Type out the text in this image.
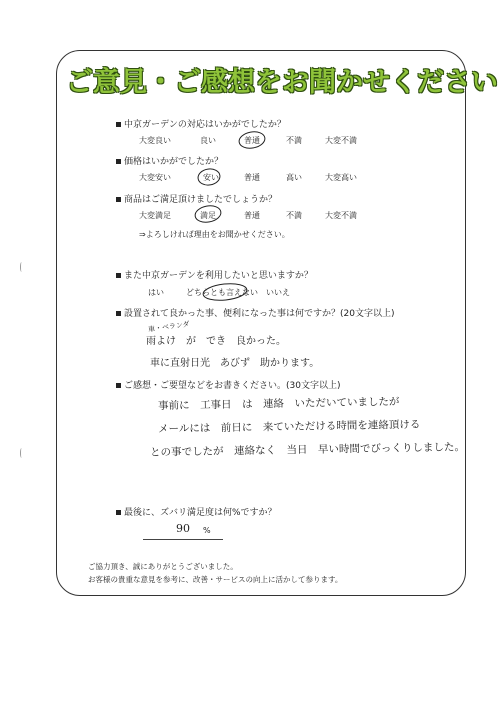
ご意見・ご感想をお聞かせください
中京ガーデンの対応はいかがでしたか？
大変良い	良い	普通	不満	大変不満
価格はいかがでしたか？
大変安い	安い	普通	高い	大変高い
商品はご満足頂けましたでしょうか？
大変満足	満足	普通	不満	大変不満
⇒よろしければ理由をお聞かせください。
また中京ガーデンを利用したいと思いますか？
はい	どちらとも言えない いいえ
設置されて良かった事、便利になった事は何ですか？(20文字以上)
車・ベランダ
雨よけ　が　でき　良かった。
車に直射日光　あびず　助かります。
ご感想・ご要望などをお書きください。(30文字以上)
事前に　工事日　は　連絡　いただいていましたが
メールには　前日に　来ていただける時間を連絡頂ける
との事でしたが　連絡なく　当日　早い時間でびっくりしました。
最後に、ズバリ満足度は何%ですか？
90 %
ご協力頂き、誠にありがとうございました。
お客様の貴重な意見を参考に、改善・サービスの向上に活かして参ります。
